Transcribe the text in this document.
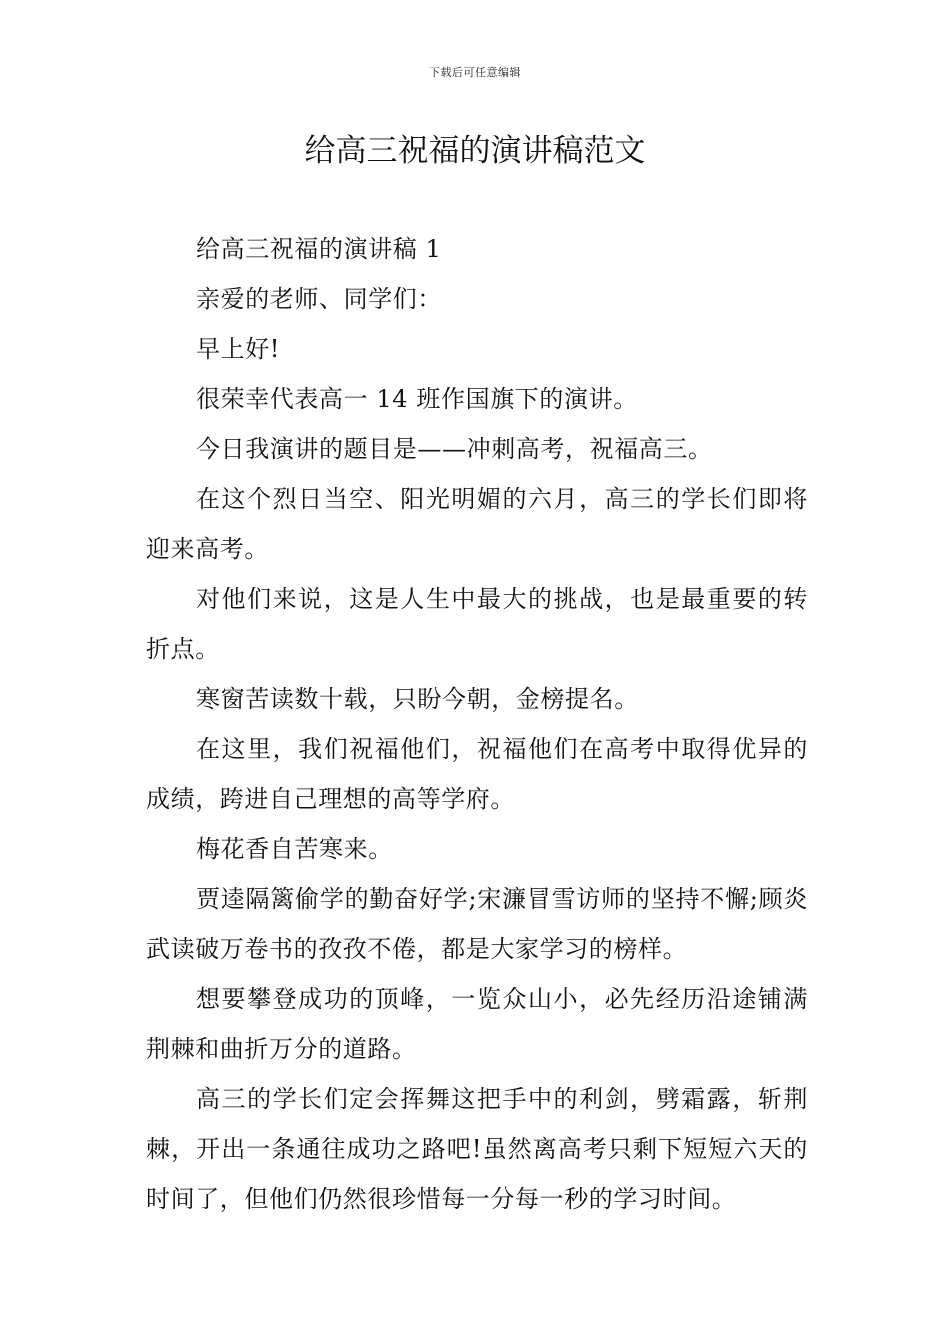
下载后可任意编辑
给高三祝福的演讲稿范文

给高三祝福的演讲稿 1

亲爱的老师、同学们：

早上好!

很荣幸代表高一 14 班作国旗下的演讲。

今日我演讲的题目是——冲刺高考，祝福高三。

在这个烈日当空、阳光明媚的六月，高三的学长们即将迎来高考。

对他们来说，这是人生中最大的挑战，也是最重要的转折点。

寒窗苦读数十载，只盼今朝，金榜提名。

在这里，我们祝福他们，祝福他们在高考中取得优异的成绩，跨进自己理想的高等学府。

梅花香自苦寒来。

贾逵隔篱偷学的勤奋好学;宋濂冒雪访师的坚持不懈;顾炎武读破万卷书的孜孜不倦，都是大家学习的榜样。

想要攀登成功的顶峰，一览众山小，必先经历沿途铺满荆棘和曲折万分的道路。

高三的学长们定会挥舞这把手中的利剑，劈霜露，斩荆棘，开出一条通往成功之路吧!虽然离高考只剩下短短六天的时间了，但他们仍然很珍惜每一分每一秒的学习时间。
